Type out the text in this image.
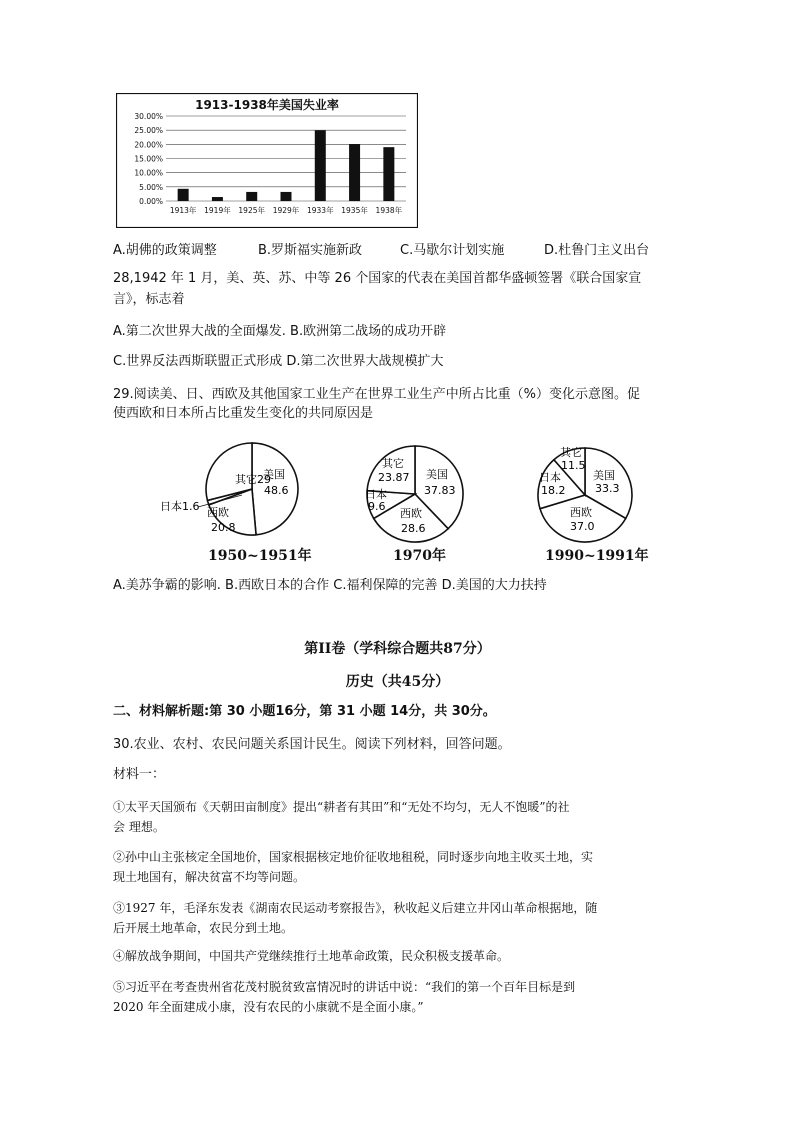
1913-1938年美国失业率
0.00%
5.00%
10.00%
15.00%
20.00%
25.00%
30.00%
1913年 1919年 1925年 1929年 1933年 1935年 1938年
A.胡佛的政策调整	B.罗斯福实施新政	C.马歇尔计划实施	D.杜鲁门主义出台
28,1942 年 1 月，美、英、苏、中等 26 个国家的代表在美国首都华盛顿签署《联合国家宣
言》，标志着
A.第二次世界大战的全面爆发. B.欧洲第二战场的成功开辟
C.世界反法西斯联盟正式形成 D.第二次世界大战规模扩大
29.阅读美、日、西欧及其他国家工业生产在世界工业生产中所占比重（%）变化示意图。促
使西欧和日本所占比重发生变化的共同原因是
其它29
美国
48.6
西欧
20.8
日本1.6
1950~1951年
其它
23.87 美国
37.83
日本
9.6
西欧
28.6
1970年
其它
11.5
美国
33.3
日本
18.2
西欧
37.0
1990~1991年
A.美苏争霸的影响. B.西欧日本的合作 C.福利保障的完善 D.美国的大力扶持
第II卷（学科综合题共87分）
历史（共45分）
二、材料解析题:第 30 小题16分，第 31 小题 14分，共 30分。
30.农业、农村、农民问题关系国计民生。阅读下列材料，回答问题。
材料一：
①太平天国颁布《天朝田亩制度》提出“耕者有其田”和“无处不均匀，无人不饱暖”的社
会 理想。
②孙中山主张核定全国地价，国家根据核定地价征收地租税，同时逐步向地主收买土地，实
现土地国有，解决贫富不均等问题。
③1927 年，毛泽东发表《湖南农民运动考察报告》，秋收起义后建立井冈山革命根据地，随
后开展土地革命，农民分到土地。
④解放战争期间，中国共产党继续推行土地革命政策，民众积极支援革命。
⑤习近平在考查贵州省花茂村脱贫致富情况时的讲话中说：“我们的第一个百年目标是到
2020 年全面建成小康，没有农民的小康就不是全面小康。”
